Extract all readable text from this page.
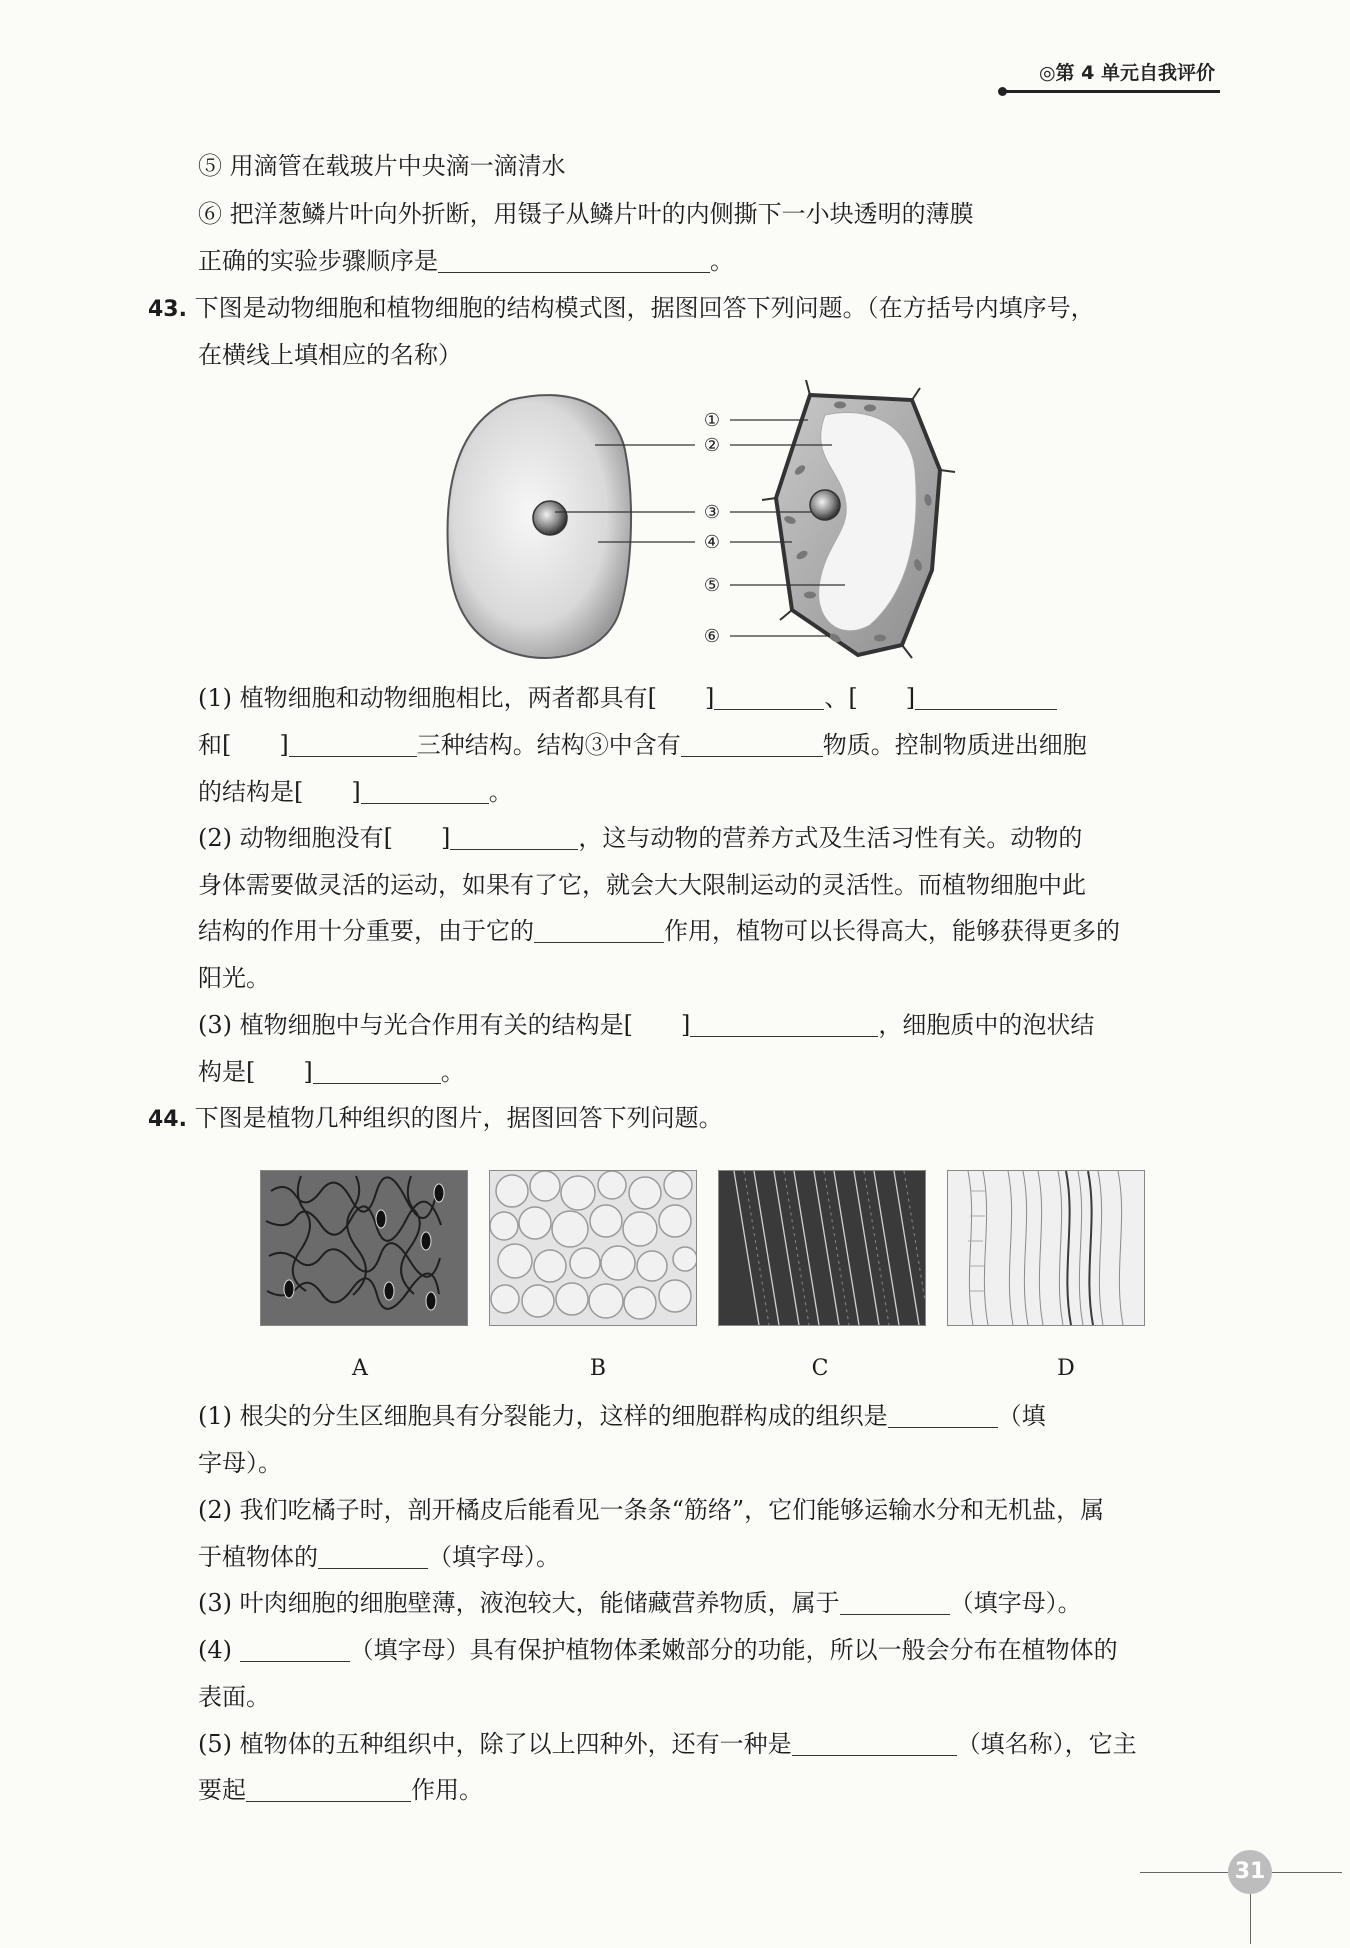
◎第 4 单元自我评价
⑤ 用滴管在载玻片中央滴一滴清水
⑥ 把洋葱鳞片叶向外折断，用镊子从鳞片叶的内侧撕下一小块透明的薄膜
正确的实验步骤顺序是	。
43. 下图是动物细胞和植物细胞的结构模式图，据图回答下列问题。（在方括号内填序号，
在横线上填相应的名称）
①
②
③
④
⑤
⑥
(1) 植物细胞和动物细胞相比，两者都具有[ ]	、[ ]
和[ ]	三种结构。结构③中含有	物质。控制物质进出细胞
的结构是[ ]	。
(2) 动物细胞没有[ ]	，这与动物的营养方式及生活习性有关。动物的
身体需要做灵活的运动，如果有了它，就会大大限制运动的灵活性。而植物细胞中此
结构的作用十分重要，由于它的	作用，植物可以长得高大，能够获得更多的
阳光。
(3) 植物细胞中与光合作用有关的结构是[ ]	，细胞质中的泡状结
构是[ ]	。
44. 下图是植物几种组织的图片，据图回答下列问题。
A	B	C	D
(1) 根尖的分生区细胞具有分裂能力，这样的细胞群构成的组织是	（填
字母）。
(2) 我们吃橘子时，剖开橘皮后能看见一条条“筋络”，它们能够运输水分和无机盐，属
于植物体的	（填字母）。
(3) 叶肉细胞的细胞壁薄，液泡较大，能储藏营养物质，属于	（填字母）。
(4)	（填字母）具有保护植物体柔嫩部分的功能，所以一般会分布在植物体的
表面。
(5) 植物体的五种组织中，除了以上四种外，还有一种是	（填名称），它主
要起	作用。
31
